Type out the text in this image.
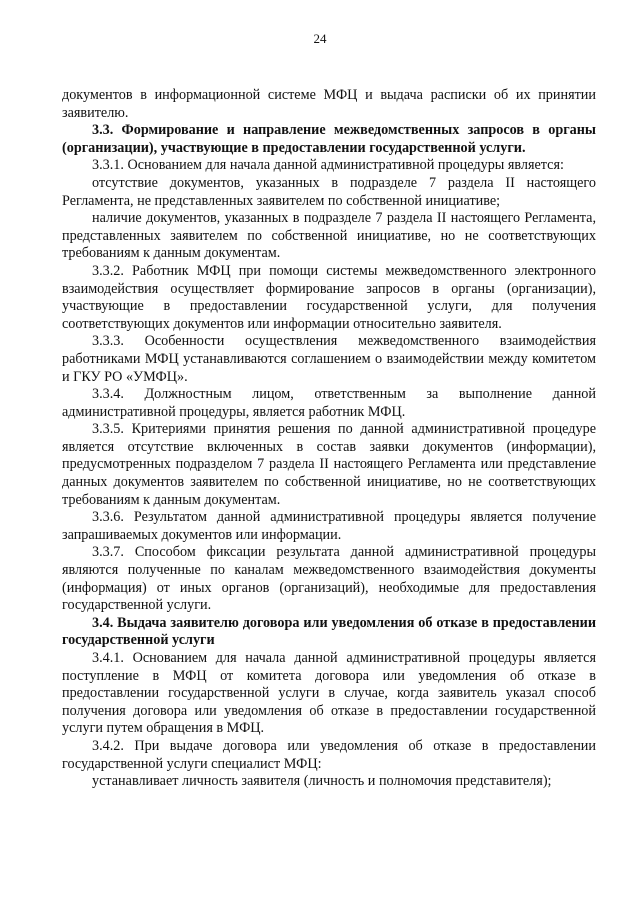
24

документов в информационной системе МФЦ и выдача расписки об их принятии заявителю.

3.3. Формирование и направление межведомственных запросов в органы (организации), участвующие в предоставлении государственной услуги.

3.3.1. Основанием для начала данной административной процедуры является:

отсутствие документов, указанных в подразделе 7 раздела II настоящего Регламента, не представленных заявителем по собственной инициативе;

наличие документов, указанных в подразделе 7 раздела II настоящего Регламента, представленных заявителем по собственной инициативе, но не соответствующих требованиям к данным документам.

3.3.2. Работник МФЦ при помощи системы межведомственного электронного взаимодействия осуществляет формирование запросов в органы (организации), участвующие в предоставлении государственной услуги, для получения соответствующих документов или информации относительно заявителя.

3.3.3. Особенности осуществления межведомственного взаимодействия работниками МФЦ устанавливаются соглашением о взаимодействии между комитетом и ГКУ РО «УМФЦ».

3.3.4. Должностным лицом, ответственным за выполнение данной административной процедуры, является работник МФЦ.

3.3.5. Критериями принятия решения по данной административной процедуре является отсутствие включенных в состав заявки документов (информации), предусмотренных подразделом 7 раздела II настоящего Регламента или представление данных документов заявителем по собственной инициативе, но не соответствующих требованиям к данным документам.

3.3.6. Результатом данной административной процедуры является получение запрашиваемых документов или информации.

3.3.7. Способом фиксации результата данной административной процедуры являются полученные по каналам межведомственного взаимодействия документы (информация) от иных органов (организаций), необходимые для предоставления государственной услуги.

3.4. Выдача заявителю договора или уведомления об отказе в предоставлении государственной услуги

3.4.1. Основанием для начала данной административной процедуры является поступление в МФЦ от комитета договора или уведомления об отказе в предоставлении государственной услуги в случае, когда заявитель указал способ получения договора или уведомления об отказе в предоставлении государственной услуги путем обращения в МФЦ.

3.4.2. При выдаче договора или уведомления об отказе в предоставлении государственной услуги специалист МФЦ:

устанавливает личность заявителя (личность и полномочия представителя);
